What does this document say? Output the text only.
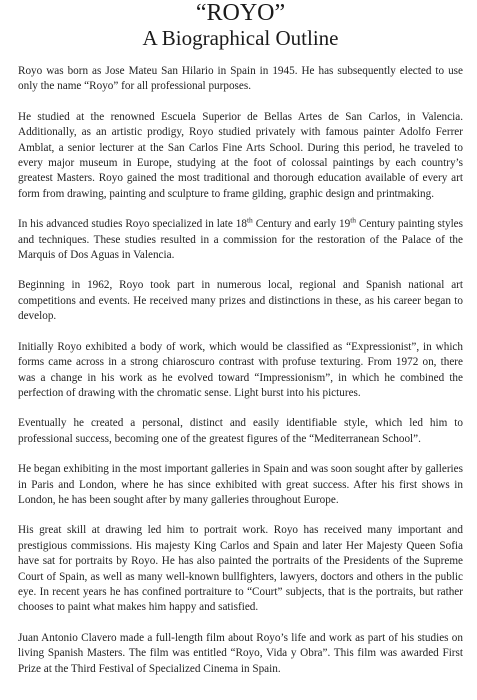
“ROYO”
A Biographical Outline

Royo was born as Jose Mateu San Hilario in Spain in 1945. He has subsequently elected to use only the name “Royo” for all professional purposes.

He studied at the renowned Escuela Superior de Bellas Artes de San Carlos, in Valencia. Additionally, as an artistic prodigy, Royo studied privately with famous painter Adolfo Ferrer Amblat, a senior lecturer at the San Carlos Fine Arts School. During this period, he traveled to every major museum in Europe, studying at the foot of colossal paintings by each country’s greatest Masters. Royo gained the most traditional and thorough education available of every art form from drawing, painting and sculpture to frame gilding, graphic design and printmaking.

In his advanced studies Royo specialized in late 18th Century and early 19th Century painting styles and techniques. These studies resulted in a commission for the restoration of the Palace of the Marquis of Dos Aguas in Valencia.

Beginning in 1962, Royo took part in numerous local, regional and Spanish national art competitions and events. He received many prizes and distinctions in these, as his career began to develop.

Initially Royo exhibited a body of work, which would be classified as “Expressionist”, in which forms came across in a strong chiaroscuro contrast with profuse texturing. From 1972 on, there was a change in his work as he evolved toward “Impressionism”, in which he combined the perfection of drawing with the chromatic sense. Light burst into his pictures.

Eventually he created a personal, distinct and easily identifiable style, which led him to professional success, becoming one of the greatest figures of the “Mediterranean School”.

He began exhibiting in the most important galleries in Spain and was soon sought after by galleries in Paris and London, where he has since exhibited with great success. After his first shows in London, he has been sought after by many galleries throughout Europe.

His great skill at drawing led him to portrait work. Royo has received many important and prestigious commissions. His majesty King Carlos and Spain and later Her Majesty Queen Sofia have sat for portraits by Royo. He has also painted the portraits of the Presidents of the Supreme Court of Spain, as well as many well-known bullfighters, lawyers, doctors and others in the public eye. In recent years he has confined portraiture to “Court” subjects, that is the portraits, but rather chooses to paint what makes him happy and satisfied.

Juan Antonio Clavero made a full-length film about Royo’s life and work as part of his studies on living Spanish Masters. The film was entitled “Royo, Vida y Obra”. This film was awarded First Prize at the Third Festival of Specialized Cinema in Spain.
